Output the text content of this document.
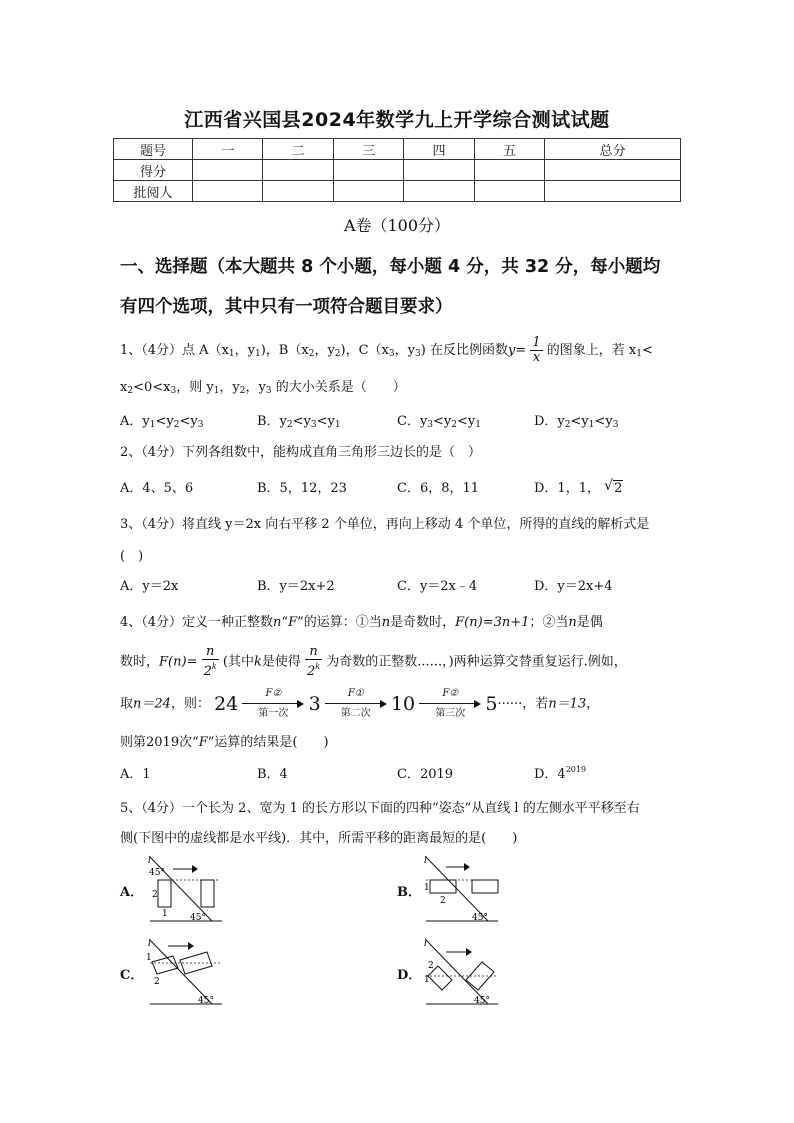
江西省兴国县2024年数学九上开学综合测试试题
题号	一	二	三	四	五	总分
得分						
批阅人						
A卷（100分）
一、选择题（本大题共 8 个小题，每小题 4 分，共 32 分，每小题均
有四个选项，其中只有一项符合题目要求）
1、（4分）点 $A(x_1$，$y_1$)，$B(x_2$，$y_2$)，$C(x_3$，$y_3$) 在反比例函数$y= \frac{1}{x}$ 的图象上，若 $x_1<$
$x_2<0<x_3$，则 $y_1$，$y_2$，$y_3$ 的大小关系是（　　）
A．$y_1<y_2<y_3$	B．$y_2<y_3<y_1$	C．$y_3<y_2<y_1$	D．$y_2<y_1<y_3$
2、（4分）下列各组数中，能构成直角三角形三边长的是（　）
A．4、5、6	B．5，12，23	C．6，8，11	D．1，1， √ 2
3、（4分）将直线 y＝2x 向右平移 2 个单位，再向上移动 4 个单位，所得的直线的解析式是
(　)
A．y＝2x	B．y＝2x+2	C．y＝2x﹣4	D．y＝2x+4
4、（4分）定义一种正整数n“F”的运算：①当n是奇数时，F(n)=3n+1；②当n是偶
数时，$F(n)= \frac{n}{2^k}$ (其中k是使得 $\frac{n}{2^k}$ 为奇数的正整数......，)两种运算交替重复运行.例如，
取n＝24，则： 24	F②
第一次 3	F①
第二次 10	F②
第三次 5······，若n＝13，
则第2019次“F”运算的结果是(　　)
A．1	B．4	C．2019	D．$4^{2019}$
5、（4分）一个长为 2、宽为 1 的长方形以下面的四种“姿态”从直线 l 的左侧水平平移至右
侧(下图中的虚线都是水平线)．其中，所需平移的距离最短的是(　　)
A．
45°
45°
l
2
1
B．
l
1
2
45°
C．
l
1
2
45°
D．
l
2
1
45°
